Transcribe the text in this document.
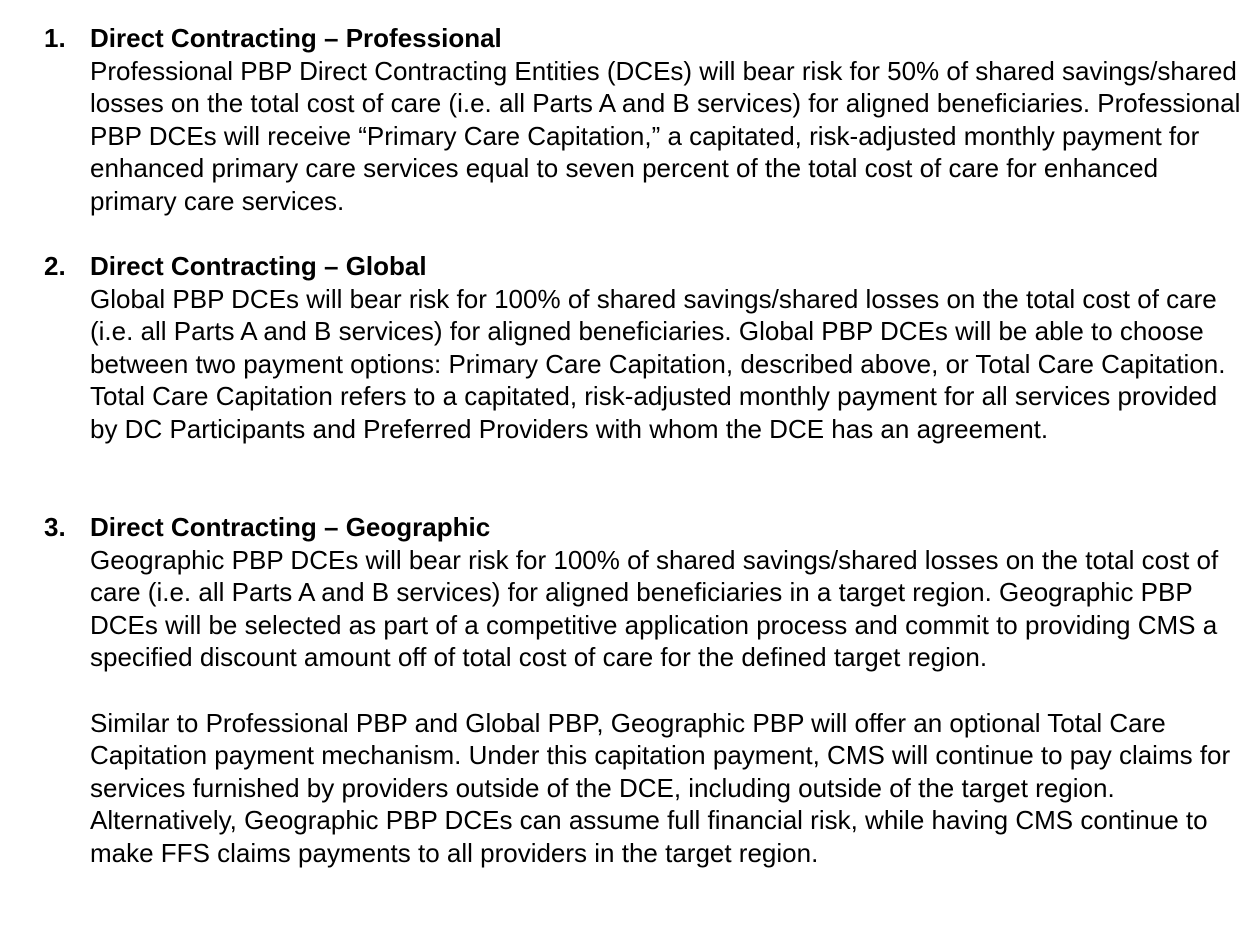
1. Direct Contracting – Professional
Professional PBP Direct Contracting Entities (DCEs) will bear risk for 50% of shared savings/shared losses on the total cost of care (i.e. all Parts A and B services) for aligned beneficiaries. Professional PBP DCEs will receive “Primary Care Capitation,” a capitated, risk-adjusted monthly payment for enhanced primary care services equal to seven percent of the total cost of care for enhanced primary care services.
2. Direct Contracting – Global
Global PBP DCEs will bear risk for 100% of shared savings/shared losses on the total cost of care (i.e. all Parts A and B services) for aligned beneficiaries. Global PBP DCEs will be able to choose between two payment options: Primary Care Capitation, described above, or Total Care Capitation. Total Care Capitation refers to a capitated, risk-adjusted monthly payment for all services provided by DC Participants and Preferred Providers with whom the DCE has an agreement.
3. Direct Contracting – Geographic
Geographic PBP DCEs will bear risk for 100% of shared savings/shared losses on the total cost of care (i.e. all Parts A and B services) for aligned beneficiaries in a target region. Geographic PBP DCEs will be selected as part of a competitive application process and commit to providing CMS a specified discount amount off of total cost of care for the defined target region.
Similar to Professional PBP and Global PBP, Geographic PBP will offer an optional Total Care Capitation payment mechanism. Under this capitation payment, CMS will continue to pay claims for services furnished by providers outside of the DCE, including outside of the target region. Alternatively, Geographic PBP DCEs can assume full financial risk, while having CMS continue to make FFS claims payments to all providers in the target region.
